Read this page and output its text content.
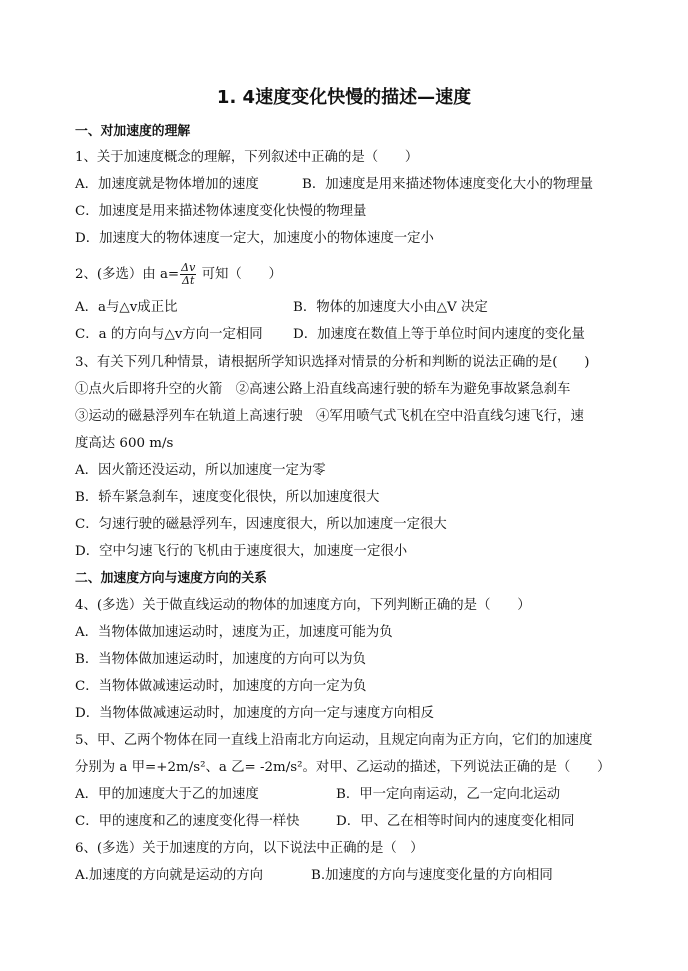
1. 4速度变化快慢的描述—速度
一、对加速度的理解
1、关于加速度概念的理解，下列叙述中正确的是（　　）
A．加速度就是物体增加的速度	B．加速度是用来描述物体速度变化大小的物理量
C．加速度是用来描述物体速度变化快慢的物理量
D．加速度大的物体速度一定大，加速度小的物体速度一定小
2、(多选）由 $a= \frac{\Delta v}{\Delta t}$ 可知（　　）
A．a与△v成正比	B．物体的加速度大小由△V 决定
C．a 的方向与△v方向一定相同 D．加速度在数值上等于单位时间内速度的变化量
3、有关下列几种情景，请根据所学知识选择对情景的分析和判断的说法正确的是(　　)
①点火后即将升空的火箭　②高速公路上沿直线高速行驶的轿车为避免事故紧急刹车
③运动的磁悬浮列车在轨道上高速行驶　④军用喷气式飞机在空中沿直线匀速飞行，速
度高达 600 m/s
A．因火箭还没运动，所以加速度一定为零
B．轿车紧急刹车，速度变化很快，所以加速度很大
C．匀速行驶的磁悬浮列车，因速度很大，所以加速度一定很大
D．空中匀速飞行的飞机由于速度很大，加速度一定很小
二、加速度方向与速度方向的关系
4、(多选）关于做直线运动的物体的加速度方向，下列判断正确的是（　　）
A．当物体做加速运动时，速度为正，加速度可能为负
B．当物体做加速运动时，加速度的方向可以为负
C．当物体做减速运动时，加速度的方向一定为负
D．当物体做减速运动时，加速度的方向一定与速度方向相反
5、甲、乙两个物体在同一直线上沿南北方向运动，且规定向南为正方向，它们的加速度
分别为 a 甲=+2m/s²、a 乙= -2m/s²。对甲、乙运动的描述，下列说法正确的是（　　）
A．甲的加速度大于乙的加速度	B．甲一定向南运动，乙一定向北运动
C．甲的速度和乙的速度变化得一样快	D．甲、乙在相等时间内的速度变化相同
6、(多选）关于加速度的方向，以下说法中正确的是（　）
A.加速度的方向就是运动的方向	B.加速度的方向与速度变化量的方向相同
